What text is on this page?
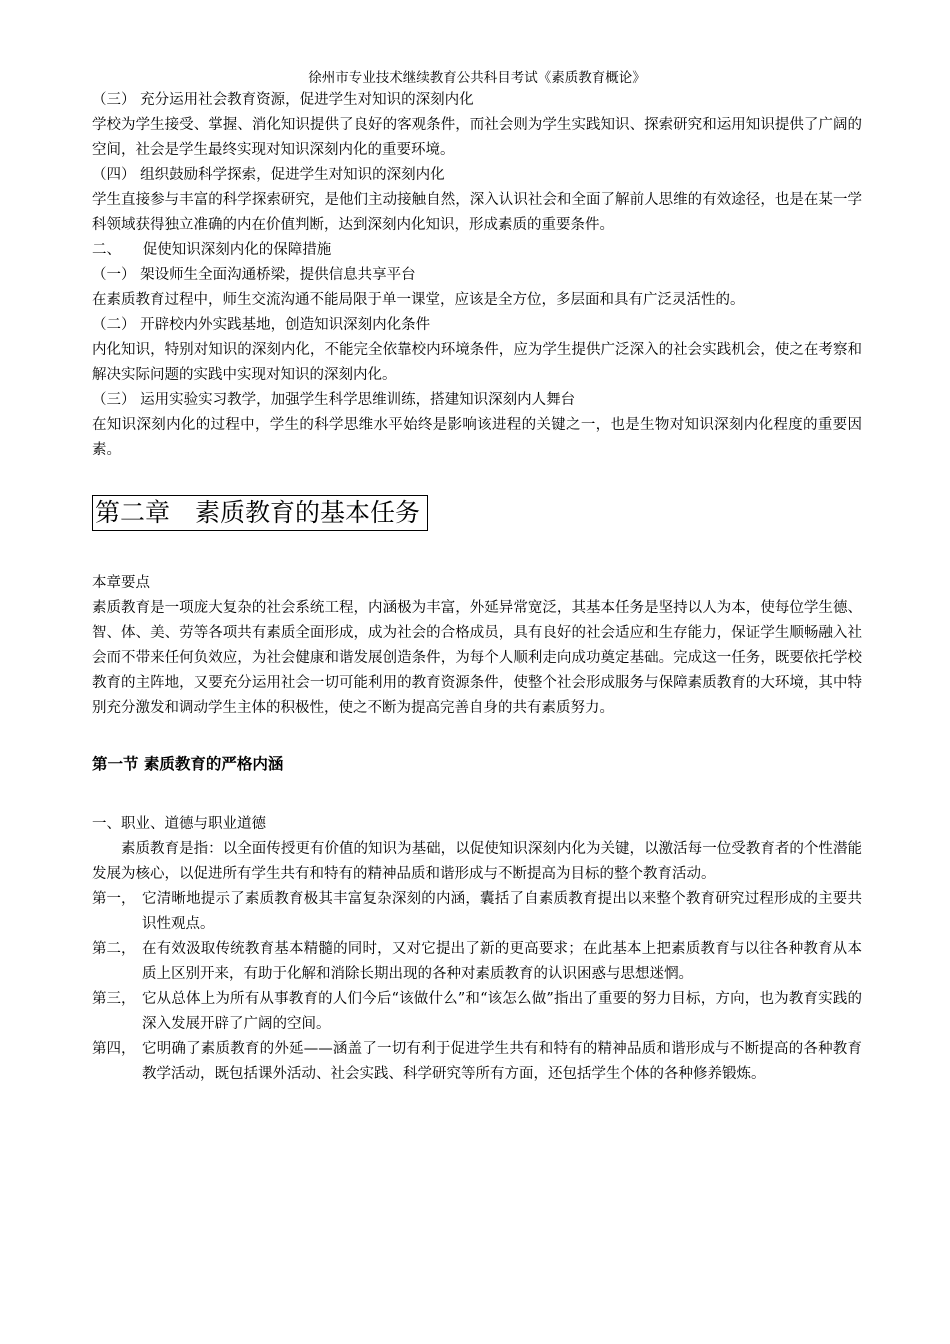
徐州市专业技术继续教育公共科目考试《素质教育概论》

（三） 充分运用社会教育资源，促进学生对知识的深刻内化

学校为学生接受、掌握、消化知识提供了良好的客观条件，而社会则为学生实践知识、探索研究和运用知识提供了广阔的空间，社会是学生最终实现对知识深刻内化的重要环境。

（四） 组织鼓励科学探索，促进学生对知识的深刻内化

学生直接参与丰富的科学探索研究，是他们主动接触自然，深入认识社会和全面了解前人思维的有效途径，也是在某一学科领域获得独立准确的内在价值判断，达到深刻内化知识，形成素质的重要条件。

二、　　促使知识深刻内化的保障措施

（一） 架设师生全面沟通桥梁，提供信息共享平台

在素质教育过程中，师生交流沟通不能局限于单一课堂，应该是全方位，多层面和具有广泛灵活性的。

（二） 开辟校内外实践基地，创造知识深刻内化条件

内化知识，特别对知识的深刻内化，不能完全依靠校内环境条件，应为学生提供广泛深入的社会实践机会，使之在考察和解决实际问题的实践中实现对知识的深刻内化。

（三） 运用实验实习教学，加强学生科学思维训练，搭建知识深刻内人舞台

在知识深刻内化的过程中，学生的科学思维水平始终是影响该进程的关键之一，也是生物对知识深刻内化程度的重要因素。

第二章　素质教育的基本任务

本章要点

素质教育是一项庞大复杂的社会系统工程，内涵极为丰富，外延异常宽泛，其基本任务是坚持以人为本，使每位学生德、智、体、美、劳等各项共有素质全面形成，成为社会的合格成员，具有良好的社会适应和生存能力，保证学生顺畅融入社会而不带来任何负效应，为社会健康和谐发展创造条件，为每个人顺利走向成功奠定基础。完成这一任务，既要依托学校教育的主阵地，又要充分运用社会一切可能利用的教育资源条件，使整个社会形成服务与保障素质教育的大环境，其中特别充分激发和调动学生主体的积极性，使之不断为提高完善自身的共有素质努力。

第一节 素质教育的严格内涵

一、职业、道德与职业道德

素质教育是指：以全面传授更有价值的知识为基础，以促使知识深刻内化为关键，以激活每一位受教育者的个性潜能发展为核心，以促进所有学生共有和特有的精神品质和谐形成与不断提高为目标的整个教育活动。

第一， 它清晰地提示了素质教育极其丰富复杂深刻的内涵，囊括了自素质教育提出以来整个教育研究过程形成的主要共识性观点。
第二， 在有效汲取传统教育基本精髓的同时，又对它提出了新的更高要求；在此基本上把素质教育与以往各种教育从本质上区别开来，有助于化解和消除长期出现的各种对素质教育的认识困惑与思想迷惘。
第三， 它从总体上为所有从事教育的人们今后“该做什么”和“该怎么做”指出了重要的努力目标，方向，也为教育实践的深入发展开辟了广阔的空间。
第四， 它明确了素质教育的外延——涵盖了一切有利于促进学生共有和特有的精神品质和谐形成与不断提高的各种教育教学活动，既包括课外活动、社会实践、科学研究等所有方面，还包括学生个体的各种修养锻炼。
